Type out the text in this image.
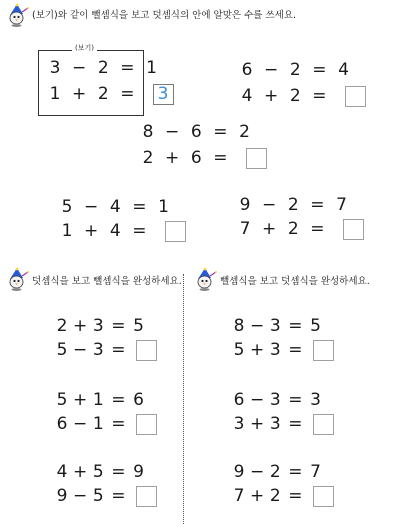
(보기)와 같이 뺄셈식을 보고 덧셈식의 안에 알맞은 수를 쓰세요.
(보기)
3 − 2 = 1
1 + 2 = 3
6 − 2 = 4
4 + 2 =
8 − 6 = 2
2 + 6 =
5 − 4 = 1
1 + 4 =
9 − 2 = 7
7 + 2 =
덧셈식을 보고 뺄셈식을 완성하세요.
2 + 3 = 5
5 − 3 =
5 + 1 = 6
6 − 1 =
4 + 5 = 9
9 − 5 =
뺄셈식을 보고 덧셈식을 완성하세요.
8 − 3 = 5
5 + 3 =
6 − 3 = 3
3 + 3 =
9 − 2 = 7
7 + 2 =
